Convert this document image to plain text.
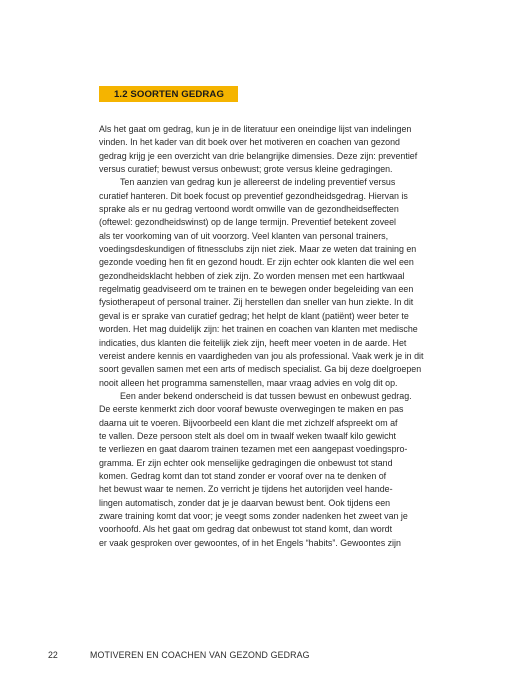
1.2 SOORTEN GEDRAG
Als het gaat om gedrag, kun je in de literatuur een oneindige lijst van indelingen
vinden. In het kader van dit boek over het motiveren en coachen van gezond
gedrag krijg je een overzicht van drie belangrijke dimensies. Deze zijn: preventief
versus curatief; bewust versus onbewust; grote versus kleine gedragingen.
Ten aanzien van gedrag kun je allereerst de indeling preventief versus
curatief hanteren. Dit boek focust op preventief gezondheidsgedrag. Hiervan is
sprake als er nu gedrag vertoond wordt omwille van de gezondheidseffecten
(oftewel: gezondheidswinst) op de lange termijn. Preventief betekent zoveel
als ter voorkoming van of uit voorzorg. Veel klanten van personal trainers,
voedingsdeskundigen of fitnessclubs zijn niet ziek. Maar ze weten dat training en
gezonde voeding hen fit en gezond houdt. Er zijn echter ook klanten die wel een
gezondheidsklacht hebben of ziek zijn. Zo worden mensen met een hartkwaal
regelmatig geadviseerd om te trainen en te bewegen onder begeleiding van een
fysiotherapeut of personal trainer. Zij herstellen dan sneller van hun ziekte. In dit
geval is er sprake van curatief gedrag; het helpt de klant (patiënt) weer beter te
worden. Het mag duidelijk zijn: het trainen en coachen van klanten met medische
indicaties, dus klanten die feitelijk ziek zijn, heeft meer voeten in de aarde. Het
vereist andere kennis en vaardigheden van jou als professional. Vaak werk je in dit
soort gevallen samen met een arts of medisch specialist. Ga bij deze doelgroepen
nooit alleen het programma samenstellen, maar vraag advies en volg dit op.
Een ander bekend onderscheid is dat tussen bewust en onbewust gedrag.
De eerste kenmerkt zich door vooraf bewuste overwegingen te maken en pas
daarna uit te voeren. Bijvoorbeeld een klant die met zichzelf afspreekt om af
te vallen. Deze persoon stelt als doel om in twaalf weken twaalf kilo gewicht
te verliezen en gaat daarom trainen tezamen met een aangepast voedingspro-
gramma. Er zijn echter ook menselijke gedragingen die onbewust tot stand
komen. Gedrag komt dan tot stand zonder er vooraf over na te denken of
het bewust waar te nemen. Zo verricht je tijdens het autorijden veel hande-
lingen automatisch, zonder dat je je daarvan bewust bent. Ook tijdens een
zware training komt dat voor; je veegt soms zonder nadenken het zweet van je
voorhoofd. Als het gaat om gedrag dat onbewust tot stand komt, dan wordt
er vaak gesproken over gewoontes, of in het Engels “habits”. Gewoontes zijn
22	MOTIVEREN EN COACHEN VAN GEZOND GEDRAG
